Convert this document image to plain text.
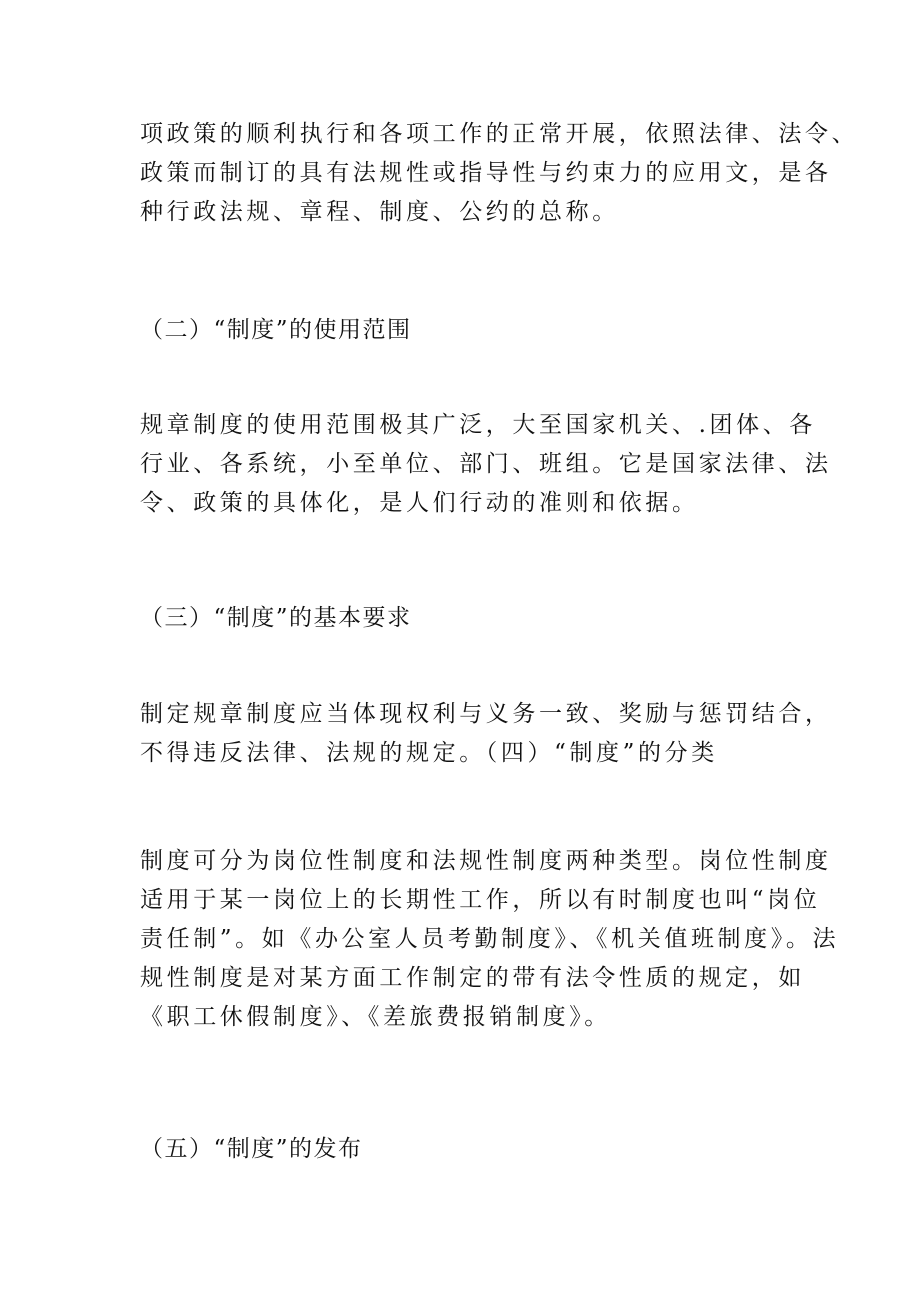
项政策的顺利执行和各项工作的正常开展，依照法律、法令、
政策而制订的具有法规性或指导性与约束力的应用文，是各
种行政法规、章程、制度、公约的总称。
（二）“制度”的使用范围
规章制度的使用范围极其广泛，大至国家机关、.团体、各
行业、各系统，小至单位、部门、班组。它是国家法律、法
令、政策的具体化，是人们行动的准则和依据。
（三）“制度”的基本要求
制定规章制度应当体现权利与义务一致、奖励与惩罚结合，
不得违反法律、法规的规定。（四）“制度”的分类
制度可分为岗位性制度和法规性制度两种类型。岗位性制度
适用于某一岗位上的长期性工作，所以有时制度也叫“岗位
责任制”。如《办公室人员考勤制度》、《机关值班制度》。法
规性制度是对某方面工作制定的带有法令性质的规定，如
《职工休假制度》、《差旅费报销制度》。
（五）“制度”的发布
